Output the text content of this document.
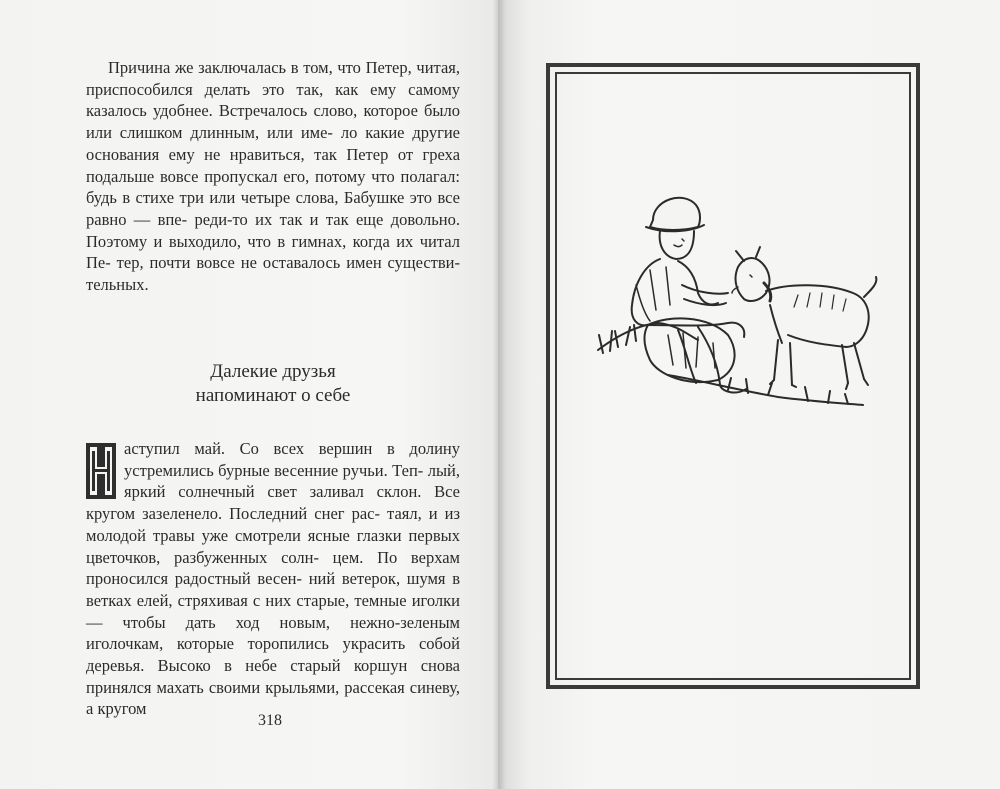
Причина же заключалась в том, что Петер, читая, приспособился делать это так, как ему самому казалось удобнее. Встречалось слово, которое было или слишком длинным, или име- ло какие другие основания ему не нравиться, так Петер от греха подальше вовсе пропускал его, потому что полагал: будь в стихе три или четыре слова, Бабушке это все равно — впе- реди-то их так и так еще довольно. Поэтому и выходило, что в гимнах, когда их читал Пе- тер, почти вовсе не оставалось имен существи- тельных.

Далекие друзья
напоминают о себе

аступил май. Со всех вершин в долину устремились бурные весенние ручьи. Теп- лый, яркий солнечный свет заливал склон. Все кругом зазеленело. Последний снег рас- таял, и из молодой травы уже смотрели ясные глазки первых цветочков, разбуженных солн- цем. По верхам проносился радостный весен- ний ветерок, шумя в ветках елей, стряхивая с них старые, темные иголки — чтобы дать ход новым, нежно-зеленым иголочкам, которые торопились украсить собой деревья. Высоко в небе старый коршун снова принялся махать своими крыльями, рассекая синеву, а кругом

318
